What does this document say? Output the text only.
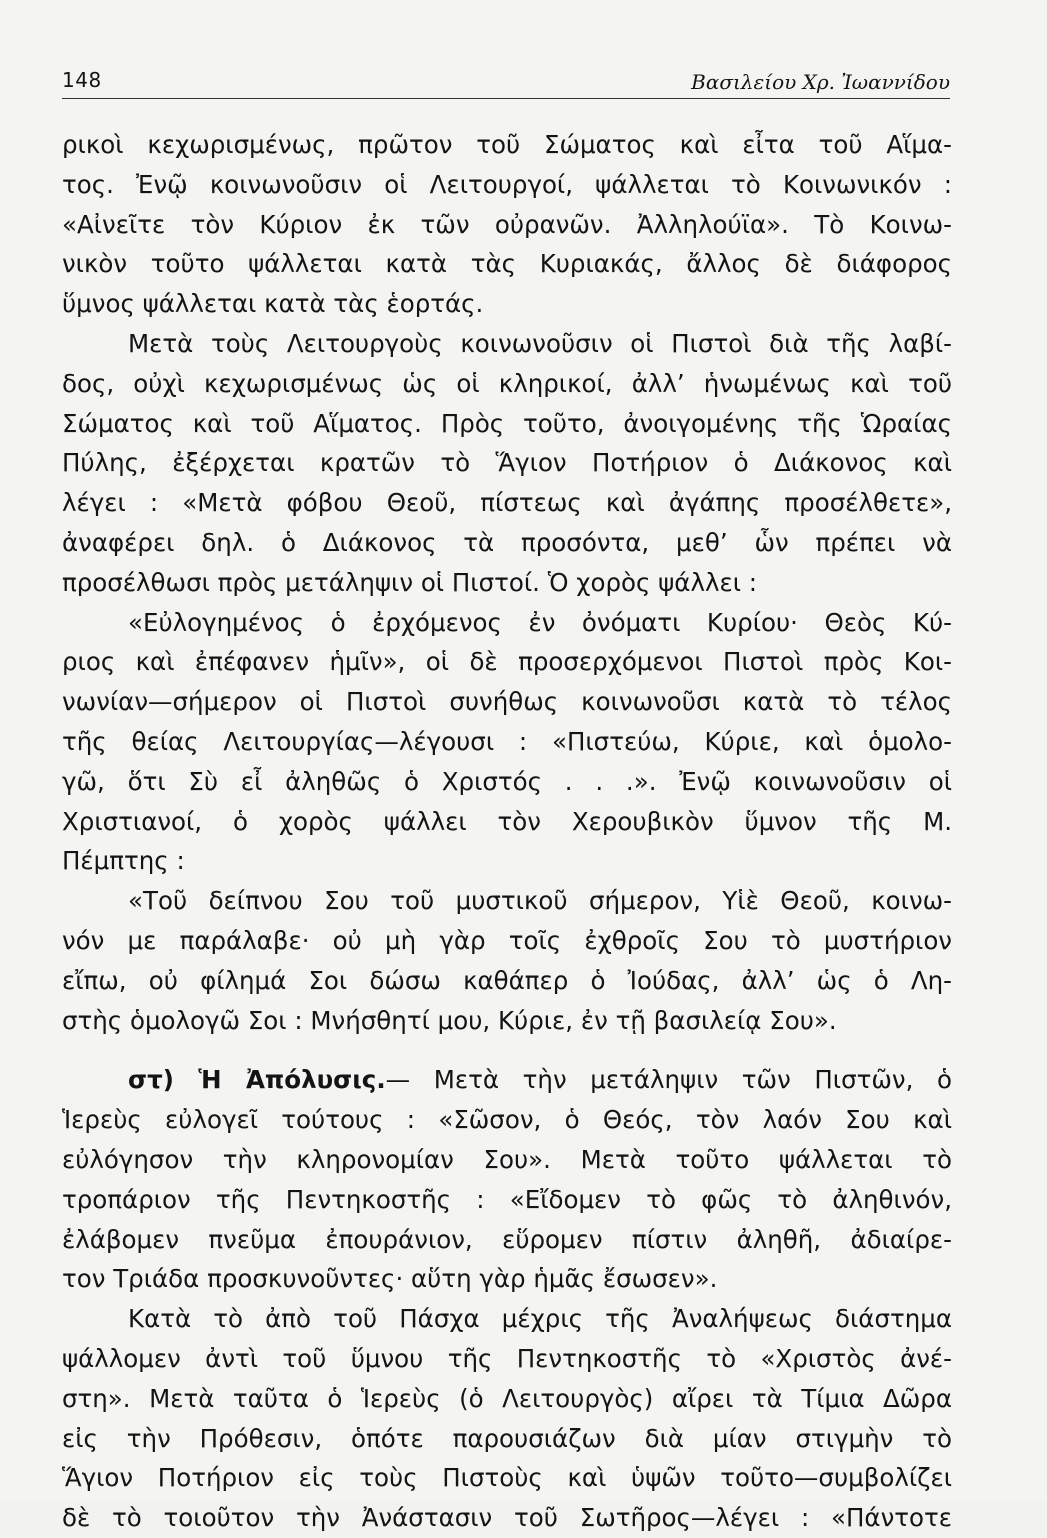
148	Βασιλείου Χρ. Ἰωαννίδου
ρικοὶ κεχωρισμένως, πρῶτον τοῦ Σώματος καὶ εἶτα τοῦ Αἵμα-
τος. Ἐνῷ κοινωνοῦσιν οἱ Λειτουργοί, ψάλλεται τὸ Κοινωνικόν :
«Αἰνεῖτε τὸν Κύριον ἐκ τῶν οὐρανῶν. Ἀλληλούϊα». Τὸ Κοινω-
νικὸν τοῦτο ψάλλεται κατὰ τὰς Κυριακάς, ἄλλος δὲ διάφορος
ὕμνος ψάλλεται κατὰ τὰς ἑορτάς.
Μετὰ τοὺς Λειτουργοὺς κοινωνοῦσιν οἱ Πιστοὶ διὰ τῆς λαβί-
δος, οὐχὶ κεχωρισμένως ὡς οἱ κληρικοί, ἀλλ’ ἡνωμένως καὶ τοῦ
Σώματος καὶ τοῦ Αἵματος. Πρὸς τοῦτο, ἀνοιγομένης τῆς Ὡραίας
Πύλης, ἐξέρχεται κρατῶν τὸ Ἅγιον Ποτήριον ὁ Διάκονος καὶ
λέγει : «Μετὰ φόβου Θεοῦ, πίστεως καὶ ἀγάπης προσέλθετε»,
ἀναφέρει δηλ. ὁ Διάκονος τὰ προσόντα, μεθ’ ὧν πρέπει νὰ
προσέλθωσι πρὸς μετάληψιν οἱ Πιστοί. Ὁ χορὸς ψάλλει :
«Εὐλογημένος ὁ ἐρχόμενος ἐν ὀνόματι Κυρίου· Θεὸς Κύ-
ριος καὶ ἐπέφανεν ἡμῖν», οἱ δὲ προσερχόμενοι Πιστοὶ πρὸς Κοι-
νωνίαν—σήμερον οἱ Πιστοὶ συνήθως κοινωνοῦσι κατὰ τὸ τέλος
τῆς θείας Λειτουργίας—λέγουσι : «Πιστεύω, Κύριε, καὶ ὁμολο-
γῶ, ὅτι Σὺ εἶ ἀληθῶς ὁ Χριστός . . .». Ἐνῷ κοινωνοῦσιν οἱ
Χριστιανοί, ὁ χορὸς ψάλλει τὸν Χερουβικὸν ὕμνον τῆς Μ.
Πέμπτης :
«Τοῦ δείπνου Σου τοῦ μυστικοῦ σήμερον, Υἱὲ Θεοῦ, κοινω-
νόν με παράλαβε· οὐ μὴ γὰρ τοῖς ἐχθροῖς Σου τὸ μυστήριον
εἴπω, οὐ φίλημά Σοι δώσω καθάπερ ὁ Ἰούδας, ἀλλ’ ὡς ὁ Λη-
στὴς ὁμολογῶ Σοι : Μνήσθητί μου, Κύριε, ἐν τῇ βασιλείᾳ Σου».
στ) Ἡ Ἀπόλυσις.— Μετὰ τὴν μετάληψιν τῶν Πιστῶν, ὁ
Ἱερεὺς εὐλογεῖ τούτους : «Σῶσον, ὁ Θεός, τὸν λαόν Σου καὶ
εὐλόγησον τὴν κληρονομίαν Σου». Μετὰ τοῦτο ψάλλεται τὸ
τροπάριον τῆς Πεντηκοστῆς : «Εἴδομεν τὸ φῶς τὸ ἀληθινόν,
ἐλάβομεν πνεῦμα ἐπουράνιον, εὕρομεν πίστιν ἀληθῆ, ἀδιαίρε-
τον Τριάδα προσκυνοῦντες· αὕτη γὰρ ἡμᾶς ἔσωσεν».
Κατὰ τὸ ἀπὸ τοῦ Πάσχα μέχρις τῆς Ἀναλήψεως διάστημα
ψάλλομεν ἀντὶ τοῦ ὕμνου τῆς Πεντηκοστῆς τὸ «Χριστὸς ἀνέ-
στη». Μετὰ ταῦτα ὁ Ἱερεὺς (ὁ Λειτουργὸς) αἴρει τὰ Τίμια Δῶρα
εἰς τὴν Πρόθεσιν, ὁπότε παρουσιάζων διὰ μίαν στιγμὴν τὸ
Ἅγιον Ποτήριον εἰς τοὺς Πιστοὺς καὶ ὑψῶν τοῦτο—συμβολίζει
δὲ τὸ τοιοῦτον τὴν Ἀνάστασιν τοῦ Σωτῆρος—λέγει : «Πάντοτε
